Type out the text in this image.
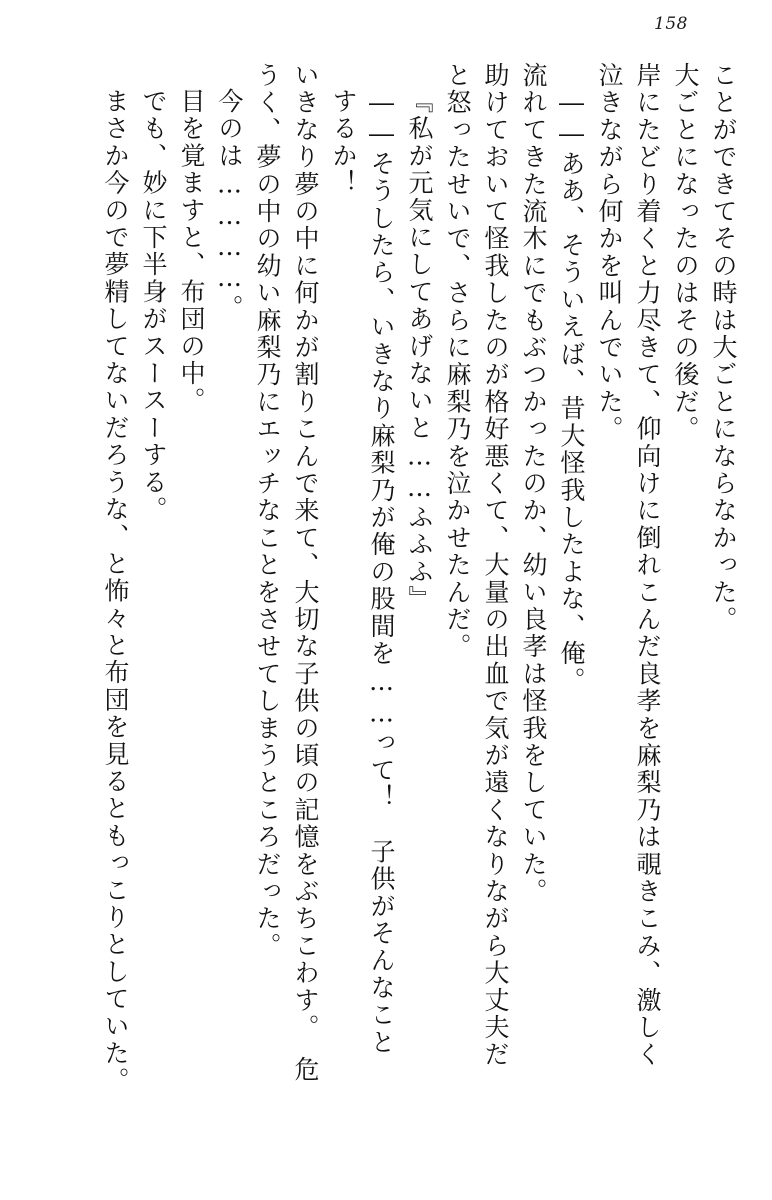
158
ことができてその時は大ごとにならなかった。
大ごとになったのはその後だ。
岸にたどり着くと力尽きて、仰向けに倒れこんだ良孝を麻梨乃は覗きこみ、激しく
泣きながら何かを叫んでいた。
――ああ、そういえば、昔大怪我したよな、俺。
流れてきた流木にでもぶつかったのか、幼い良孝は怪我をしていた。
助けておいて怪我したのが格好悪くて、大量の出血で気が遠くなりながら大丈夫だ
と怒ったせいで、さらに麻梨乃を泣かせたんだ。
『私が元気にしてあげないと……ふふふ』
――そうしたら、いきなり麻梨乃が俺の股間を……って！　子供がそんなこと
するか！
いきなり夢の中に何かが割りこんで来て、大切な子供の頃の記憶をぶちこわす。　危
うく、夢の中の幼い麻梨乃にエッチなことをさせてしまうところだった。
今のは…………。
目を覚ますと、布団の中。
でも、妙に下半身がスースーする。
まさか今ので夢精してないだろうな、と怖々と布団を見るともっこりとしていた。
